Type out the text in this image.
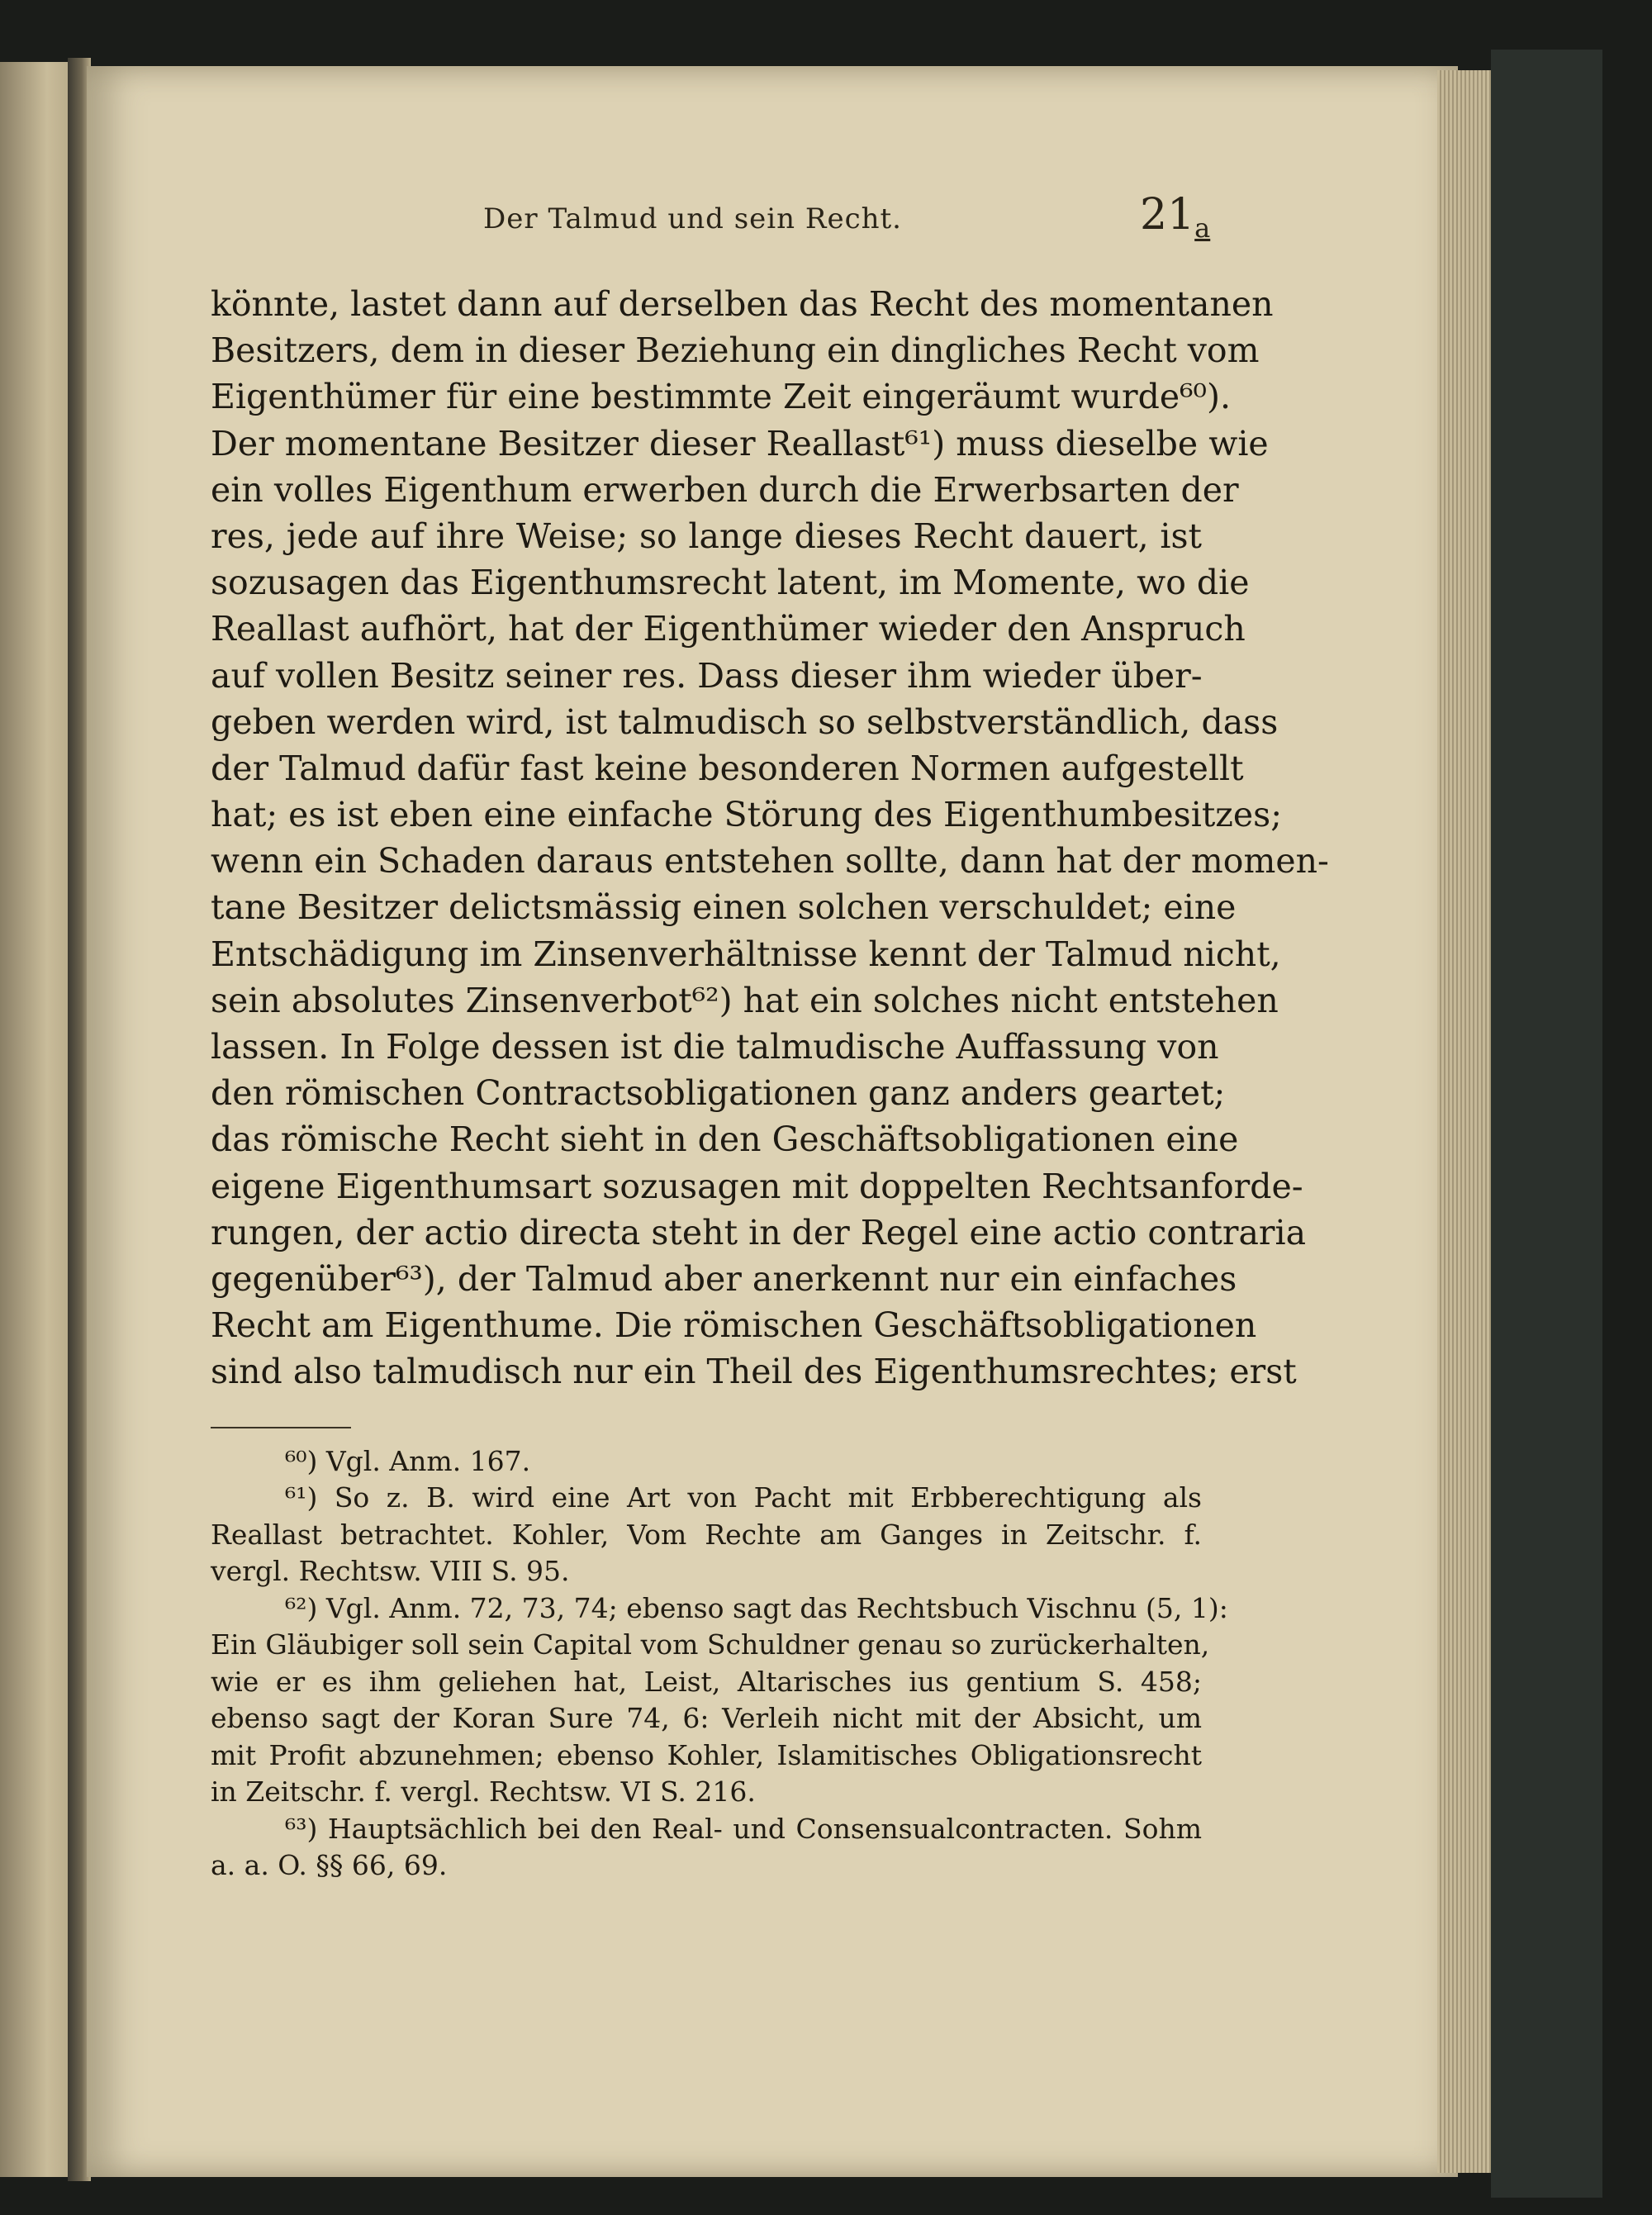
Der Talmud und sein Recht.	$21_a$
könnte, lastet dann auf derselben das Recht des momentanen
Besitzers, dem in dieser Beziehung ein dingliches Recht vom
Eigenthümer für eine bestimmte Zeit eingeräumt wurde⁶⁰).
Der momentane Besitzer dieser Reallast⁶¹) muss dieselbe wie
ein volles Eigenthum erwerben durch die Erwerbsarten der
res, jede auf ihre Weise; so lange dieses Recht dauert, ist
sozusagen das Eigenthumsrecht latent, im Momente, wo die
Reallast aufhört, hat der Eigenthümer wieder den Anspruch
auf vollen Besitz seiner res. Dass dieser ihm wieder über-
geben werden wird, ist talmudisch so selbstverständlich, dass
der Talmud dafür fast keine besonderen Normen aufgestellt
hat; es ist eben eine einfache Störung des Eigenthumbesitzes;
wenn ein Schaden daraus entstehen sollte, dann hat der momen-
tane Besitzer delictsmässig einen solchen verschuldet; eine
Entschädigung im Zinsenverhältnisse kennt der Talmud nicht,
sein absolutes Zinsenverbot⁶²) hat ein solches nicht entstehen
lassen. In Folge dessen ist die talmudische Auffassung von
den römischen Contractsobligationen ganz anders geartet;
das römische Recht sieht in den Geschäftsobligationen eine
eigene Eigenthumsart sozusagen mit doppelten Rechtsanforde-
rungen, der actio directa steht in der Regel eine actio contraria
gegenüber⁶³), der Talmud aber anerkennt nur ein einfaches
Recht am Eigenthume. Die römischen Geschäftsobligationen
sind also talmudisch nur ein Theil des Eigenthumsrechtes; erst
⁶⁰) Vgl. Anm. 167.
⁶¹) So z. B. wird eine Art von Pacht mit Erbberechtigung als
Reallast betrachtet. Kohler, Vom Rechte am Ganges in Zeitschr. f.
vergl. Rechtsw. VIII S. 95.
⁶²) Vgl. Anm. 72, 73, 74; ebenso sagt das Rechtsbuch Vischnu (5, 1):
Ein Gläubiger soll sein Capital vom Schuldner genau so zurückerhalten,
wie er es ihm geliehen hat, Leist, Altarisches ius gentium S. 458;
ebenso sagt der Koran Sure 74, 6: Verleih nicht mit der Absicht, um
mit Profit abzunehmen; ebenso Kohler, Islamitisches Obligationsrecht
in Zeitschr. f. vergl. Rechtsw. VI S. 216.
⁶³) Hauptsächlich bei den Real- und Consensualcontracten. Sohm
a. a. O. §§ 66, 69.
